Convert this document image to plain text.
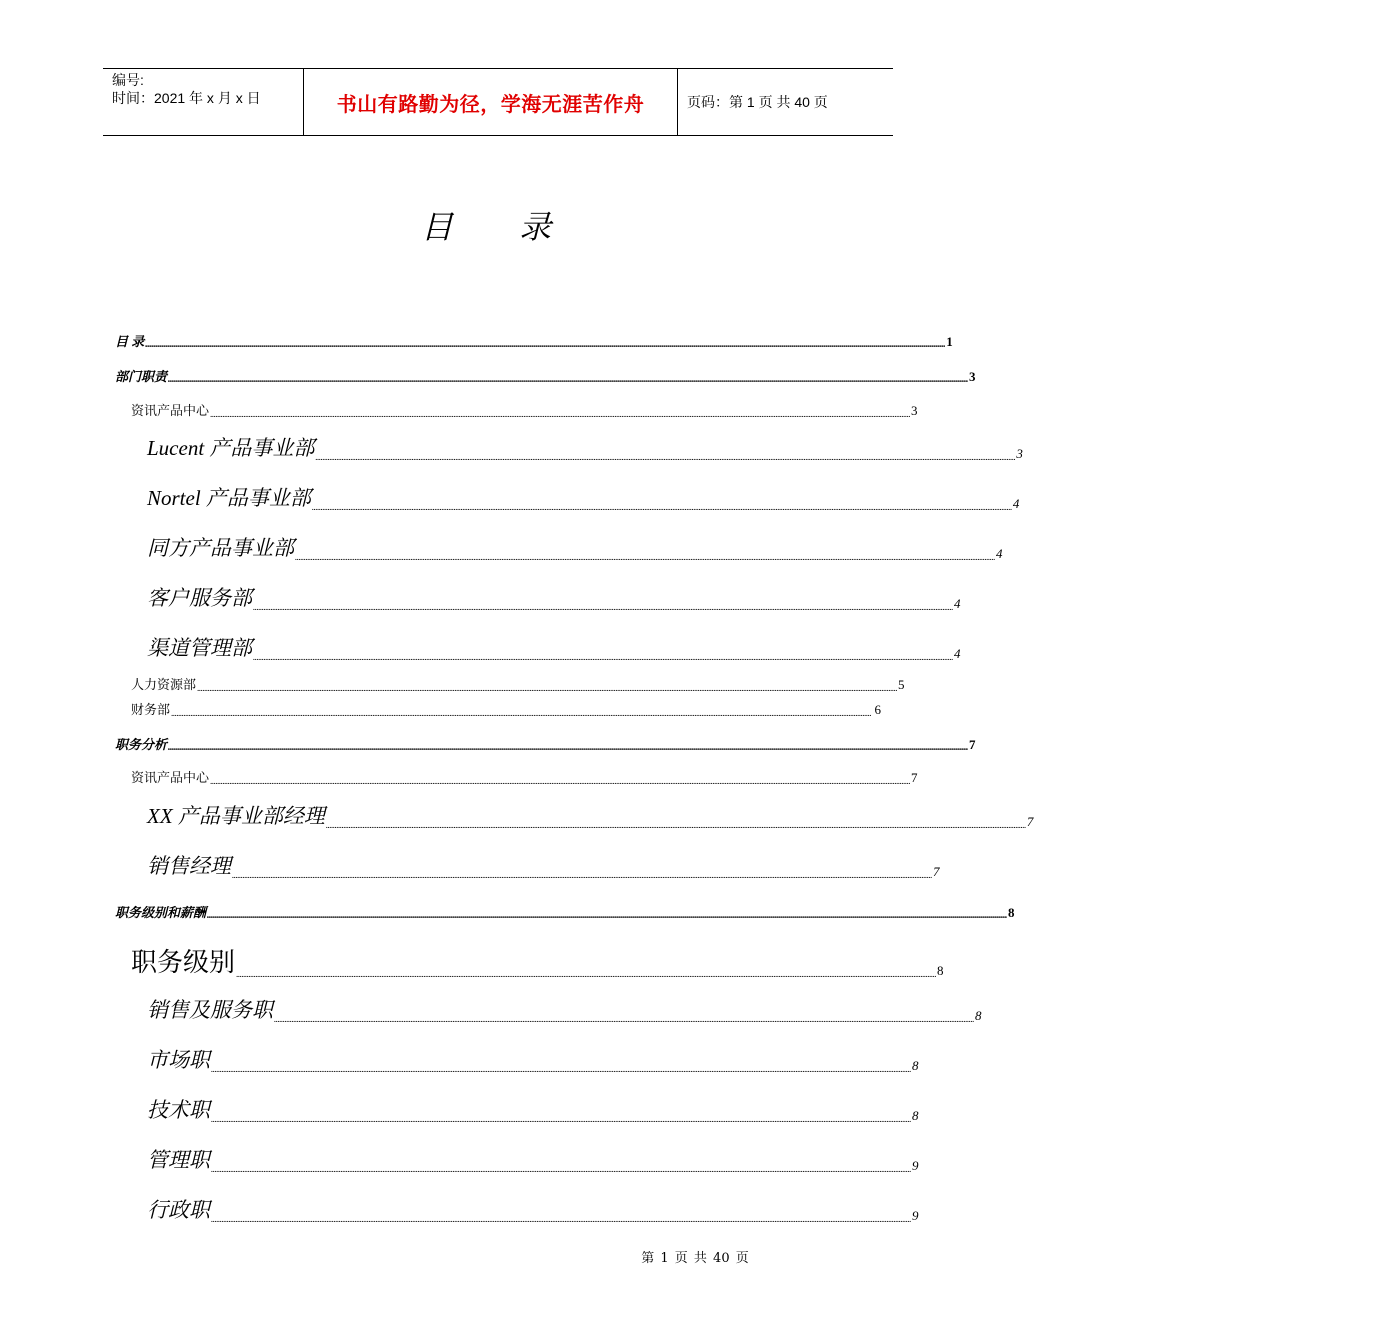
编号:
时间：2021 年 x 月 x 日	书山有路勤为径，学海无涯苦作舟	页码：第 1 页 共 40 页
目 录
目 录 ................................................................................................................................................................................................................................................................................................................................................................................................................ 1
部门职责 ................................................................................................................................................................................................................................................................................................................................................................................................................ 3
资讯产品中心 ................................................................................................................................................................................................................................................................................................................................................................................................................ 3
Lucent 产品事业部 ................................................................................................................................................................................................................................................................................................................................................................................................................ 3
Nortel 产品事业部 ................................................................................................................................................................................................................................................................................................................................................................................................................ 4
同方产品事业部 ................................................................................................................................................................................................................................................................................................................................................................................................................ 4
客户服务部 ................................................................................................................................................................................................................................................................................................................................................................................................................ 4
渠道管理部 ................................................................................................................................................................................................................................................................................................................................................................................................................ 4
人力资源部 ................................................................................................................................................................................................................................................................................................................................................................................................................ 5
财务部 ................................................................................................................................................................................................................................................................................................................................................................................................................ 6
职务分析 ................................................................................................................................................................................................................................................................................................................................................................................................................ 7
资讯产品中心 ................................................................................................................................................................................................................................................................................................................................................................................................................ 7
XX 产品事业部经理 ................................................................................................................................................................................................................................................................................................................................................................................................................ 7
销售经理 ................................................................................................................................................................................................................................................................................................................................................................................................................ 7
职务级别和薪酬 ................................................................................................................................................................................................................................................................................................................................................................................................................ 8
职务级别 ................................................................................................................................................................................................................................................................................................................................................................................................................ 8
销售及服务职 ................................................................................................................................................................................................................................................................................................................................................................................................................ 8
市场职 ................................................................................................................................................................................................................................................................................................................................................................................................................ 8
技术职 ................................................................................................................................................................................................................................................................................................................................................................................................................ 8
管理职 ................................................................................................................................................................................................................................................................................................................................................................................................................ 9
行政职 ................................................................................................................................................................................................................................................................................................................................................................................................................ 9
第 1 页 共 40 页
